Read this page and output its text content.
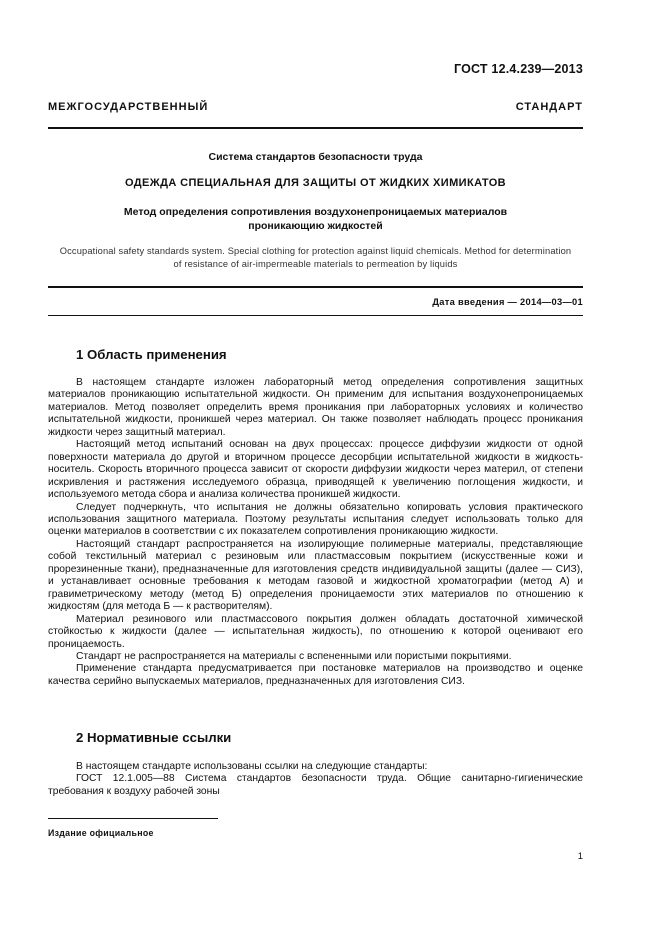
ГОСТ 12.4.239—2013
МЕЖГОСУДАРСТВЕННЫЙ СТАНДАРТ
Система стандартов безопасности труда
ОДЕЖДА СПЕЦИАЛЬНАЯ ДЛЯ ЗАЩИТЫ ОТ ЖИДКИХ ХИМИКАТОВ
Метод определения сопротивления воздухонепроницаемых материалов
проникающию жидкостей
Occupational safety standards system. Special clothing for protection against liquid chemicals. Method for determination
of resistance of air-impermeable materials to permeation by liquids
Дата введения — 2014—03—01
1 Область применения

В настоящем стандарте изложен лабораторный метод определения сопротивления защитных материалов проникающию испытательной жидкости. Он применим для испытания воздухонепроницаемых материалов. Метод позволяет определить время проникания при лабораторных условиях и количество испытательной жидкости, проникшей через материал. Он также позволяет наблюдать процесс проникания жидкости через защитный материал.

Настоящий метод испытаний основан на двух процессах: процессе диффузии жидкости от одной поверхности материала до другой и вторичном процессе десорбции испытательной жидкости в жидкость-носитель. Скорость вторичного процесса зависит от скорости диффузии жидкости через материл, от степени искривления и растяжения исследуемого образца, приводящей к увеличению поглощения жидкости, и используемого метода сбора и анализа количества проникшей жидкости.

Следует подчеркнуть, что испытания не должны обязательно копировать условия практического использования защитного материала. Поэтому результаты испытания следует использовать только для оценки материалов в соответствии с их показателем сопротивления проникающию жидкости.

Настоящий стандарт распространяется на изолирующие полимерные материалы, представляющие собой текстильный материал с резиновым или пластмассовым покрытием (искусственные кожи и прорезиненные ткани), предназначенные для изготовления средств индивидуальной защиты (далее — СИЗ), и устанавливает основные требования к методам газовой и жидкостной хроматографии (метод А) и гравиметрическому методу (метод Б) определения проницаемости этих материалов по отношению к жидкостям (для метода Б — к растворителям).

Материал резинового или пластмассового покрытия должен обладать достаточной химической стойкостью к жидкости (далее — испытательная жидкость), по отношению к которой оценивают его проницаемость.

Стандарт не распространяется на материалы с вспененными или пористыми покрытиями.

Применение стандарта предусматривается при постановке материалов на производство и оценке качества серийно выпускаемых материалов, предназначенных для изготовления СИЗ.

2 Нормативные ссылки

В настоящем стандарте использованы ссылки на следующие стандарты:

ГОСТ 12.1.005—88 Система стандартов безопасности труда. Общие санитарно-гигиенические требования к воздуху рабочей зоны

Издание официальное
1
